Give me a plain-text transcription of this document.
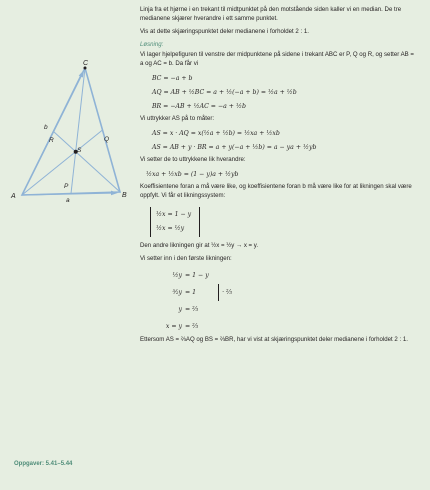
Oppgaver: 5.41–5.44
A	B
C
P
Q
R
S
a
b

Linja fra et hjørne i en trekant til midtpunktet på den motstående siden kaller vi en median. De tre medianene skjærer hverandre i ett samme punktet.

Vis at dette skjæringspunktet deler medianene i forholdet 2 : 1.

Løsning:

Vi lager hjelpefiguren til venstre der midpunktene på sidene i trekant ABC er P, Q og R, og setter AB = a og AC = b. Da får vi

BC = −a + b
AQ = AB + ½BC = a + ½(−a + b) = ½a + ½b
BR = −AB + ½AC = −a + ½b

Vi uttrykker AS på to måter:

AS = x · AQ = x(½a + ½b) = ½xa + ½xb
AS = AB + y · BR = a + y(−a + ½b) = a − ya + ½yb

Vi setter de to uttrykkene lik hverandre:

½xa + ½xb = (1 − y)a + ½yb

Koeffisientene foran a må være like, og koeffisientene foran b må være like for at likningen skal være oppfylt. Vi får et likningssystem:

½x = 1 − y
½x = ½y

Den andre likningen gir at ½x = ½y → x = y.

Vi setter inn i den første likningen:

½y = 1 − y
³⁄₂y = 1	· ⅔
y = ⅔
x = y = ⅔

Ettersom AS = ⅔AQ og BS = ⅔BR, har vi vist at skjæringspunktet deler medianene i forholdet 2 : 1.
